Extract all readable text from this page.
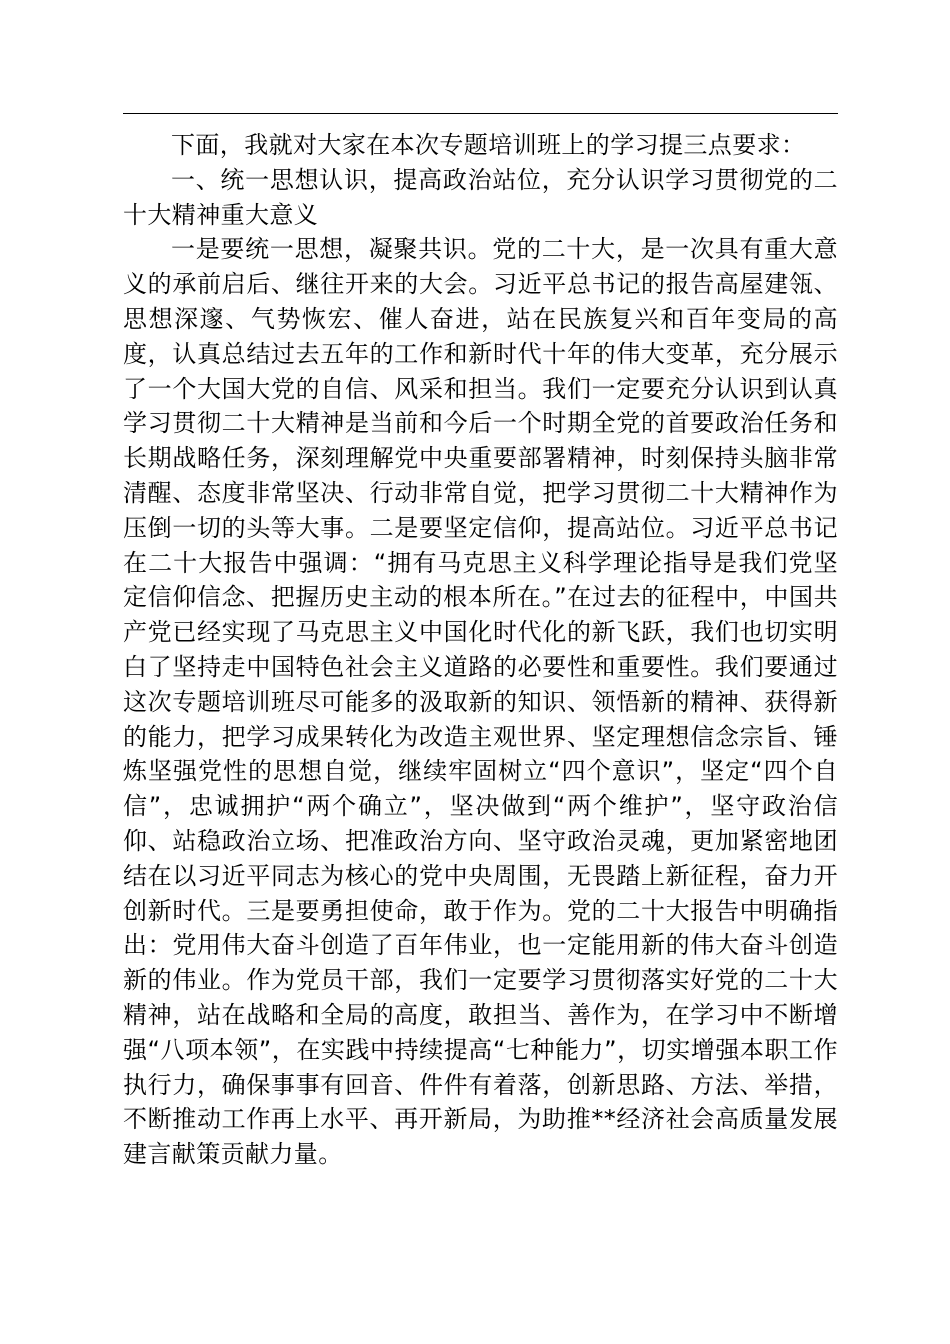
下面，我就对大家在本次专题培训班上的学习提三点要求：

一、统一思想认识，提高政治站位，充分认识学习贯彻党的二十大精神重大意义

一是要统一思想，凝聚共识。党的二十大，是一次具有重大意义的承前启后、继往开来的大会。习近平总书记的报告高屋建瓴、思想深邃、气势恢宏、催人奋进，站在民族复兴和百年变局的高度，认真总结过去五年的工作和新时代十年的伟大变革，充分展示了一个大国大党的自信、风采和担当。我们一定要充分认识到认真学习贯彻二十大精神是当前和今后一个时期全党的首要政治任务和长期战略任务，深刻理解党中央重要部署精神，时刻保持头脑非常清醒、态度非常坚决、行动非常自觉，把学习贯彻二十大精神作为压倒一切的头等大事。二是要坚定信仰，提高站位。习近平总书记在二十大报告中强调：“拥有马克思主义科学理论指导是我们党坚定信仰信念、把握历史主动的根本所在。”在过去的征程中，中国共产党已经实现了马克思主义中国化时代化的新飞跃，我们也切实明白了坚持走中国特色社会主义道路的必要性和重要性。我们要通过这次专题培训班尽可能多的汲取新的知识、领悟新的精神、获得新的能力，把学习成果转化为改造主观世界、坚定理想信念宗旨、锤炼坚强党性的思想自觉，继续牢固树立“四个意识”，坚定“四个自信”，忠诚拥护“两个确立”，坚决做到“两个维护”，坚守政治信仰、站稳政治立场、把准政治方向、坚守政治灵魂，更加紧密地团结在以习近平同志为核心的党中央周围，无畏踏上新征程，奋力开创新时代。三是要勇担使命，敢于作为。党的二十大报告中明确指出：党用伟大奋斗创造了百年伟业，也一定能用新的伟大奋斗创造新的伟业。作为党员干部，我们一定要学习贯彻落实好党的二十大精神，站在战略和全局的高度，敢担当、善作为，在学习中不断增强“八项本领”，在实践中持续提高“七种能力”，切实增强本职工作执行力，确保事事有回音、件件有着落，创新思路、方法、举措，不断推动工作再上水平、再开新局，为助推**经济社会高质量发展建言献策贡献力量。
